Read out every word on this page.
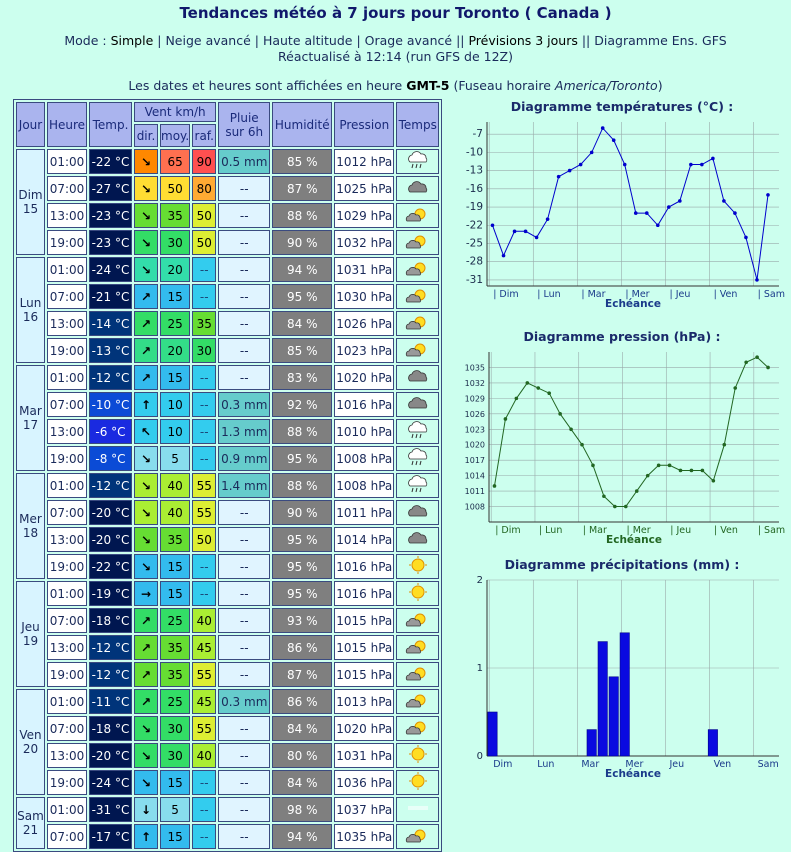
Tendances météo à 7 jours pour Toronto ( Canada )
Mode : Simple | Neige avancé | Haute altitude | Orage avancé || Prévisions 3 jours || Diagramme Ens. GFS
Réactualisé à 12:14 (run GFS de 12Z)
Les dates et heures sont affichées en heure GMT-5 (Fuseau horaire America/Toronto)
Jour	Heure	Temp.	Vent km/h			Pluie sur 6h	Humidité	Pression	Temps
			dir.	moy.	raf.				
Dim
15	01:00	-22 °C	↘	65	90	0.5 mm	85 %	1012 hPa	
	07:00	-27 °C	↘	50	80	--	87 %	1025 hPa	
	13:00	-23 °C	↘	35	50	--	88 %	1029 hPa	
	19:00	-23 °C	↘	30	50	--	90 %	1032 hPa	
Lun
16	01:00	-24 °C	↘	20	--	--	94 %	1031 hPa	
	07:00	-21 °C	↗	15	--	--	95 %	1030 hPa	
	13:00	-14 °C	↗	25	35	--	84 %	1026 hPa	
	19:00	-13 °C	↗	20	30	--	85 %	1023 hPa	
Mar
17	01:00	-12 °C	↗	15	--	--	83 %	1020 hPa	
	07:00	-10 °C	↑	10	--	0.3 mm	92 %	1016 hPa	
	13:00	-6 °C	↖	10	--	1.3 mm	88 %	1010 hPa	
	19:00	-8 °C	↘	5	--	0.9 mm	95 %	1008 hPa	
Mer
18	01:00	-12 °C	↘	40	55	1.4 mm	88 %	1008 hPa	
	07:00	-20 °C	↘	40	55	--	90 %	1011 hPa	
	13:00	-20 °C	↘	35	50	--	95 %	1014 hPa	
	19:00	-22 °C	↘	15	--	--	95 %	1016 hPa	
Jeu
19	01:00	-19 °C	→	15	--	--	95 %	1016 hPa	
	07:00	-18 °C	↗	25	40	--	93 %	1015 hPa	
	13:00	-12 °C	↗	35	45	--	86 %	1015 hPa	
	19:00	-12 °C	↗	35	55	--	87 %	1015 hPa	
Ven
20	01:00	-11 °C	↗	25	45	0.3 mm	86 %	1013 hPa	
	07:00	-18 °C	↘	30	55	--	84 %	1020 hPa	
	13:00	-20 °C	↘	30	40	--	80 %	1031 hPa	
	19:00	-24 °C	↘	15	--	--	84 %	1036 hPa	
Sam
21	01:00	-31 °C	↓	5	--	--	98 %	1037 hPa	
	07:00	-17 °C	↑	15	--	--	94 %	1035 hPa	
Diagramme températures (°C) :
-7
-10
-13
-16
-19
-22
-25
-28
-31
| Dim | Lun | Mar | Mer | Jeu | Ven | Sam
Echéance
Diagramme pression (hPa) :
1035
1032
1029
1026
1023
1020
1017
1014
1011
1008
| Dim | Lun | Mar | Mer | Jeu | Ven | Sam
Echéance
Diagramme précipitations (mm) :
2
1
0
Dim	Lun	Mar	Mer	Jeu	Ven	Sam
Echéance
